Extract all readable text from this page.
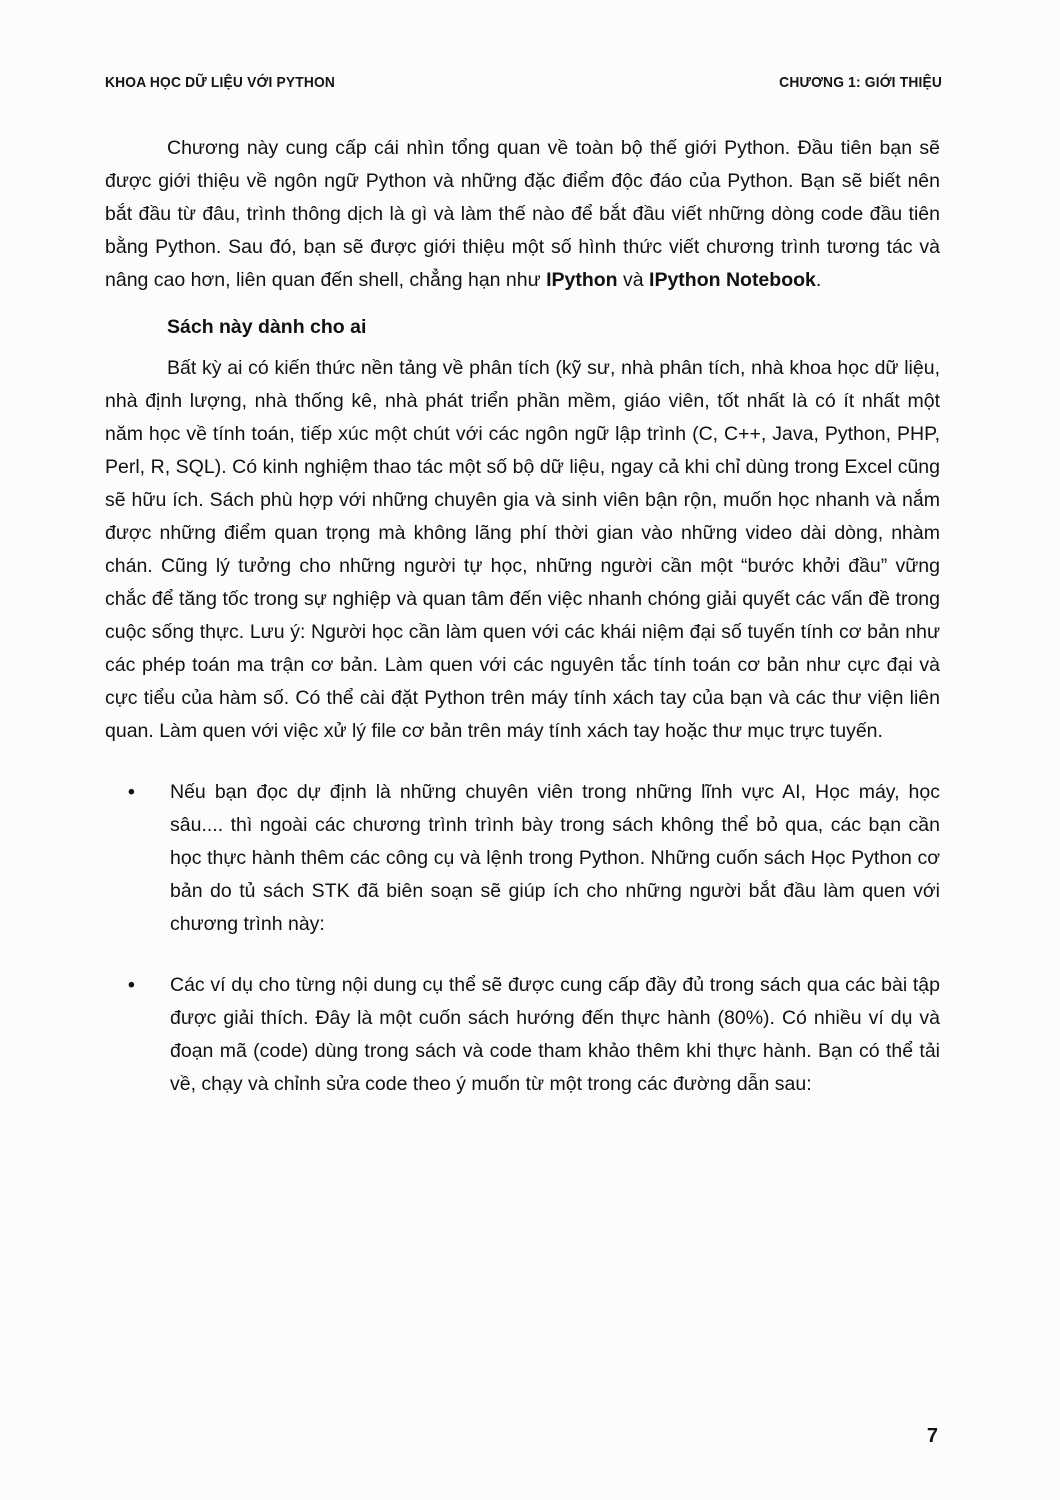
KHOA HỌC DỮ LIỆU VỚI PYTHON	CHƯƠNG 1: GIỚI THIỆU

Chương này cung cấp cái nhìn tổng quan về toàn bộ thế giới Python. Đầu tiên bạn sẽ được giới thiệu về ngôn ngữ Python và những đặc điểm độc đáo của Python. Bạn sẽ biết nên bắt đầu từ đâu, trình thông dịch là gì và làm thế nào để bắt đầu viết những dòng code đầu tiên bằng Python. Sau đó, bạn sẽ được giới thiệu một số hình thức viết chương trình tương tác và nâng cao hơn, liên quan đến shell, chẳng hạn như IPython và IPython Notebook.

Sách này dành cho ai

Bất kỳ ai có kiến thức nền tảng về phân tích (kỹ sư, nhà phân tích, nhà khoa học dữ liệu, nhà định lượng, nhà thống kê, nhà phát triển phần mềm, giáo viên, tốt nhất là có ít nhất một năm học về tính toán, tiếp xúc một chút với các ngôn ngữ lập trình (C, C++, Java, Python, PHP, Perl, R, SQL). Có kinh nghiệm thao tác một số bộ dữ liệu, ngay cả khi chỉ dùng trong Excel cũng sẽ hữu ích. Sách phù hợp với những chuyên gia và sinh viên bận rộn, muốn học nhanh và nắm được những điểm quan trọng mà không lãng phí thời gian vào những video dài dòng, nhàm chán. Cũng lý tưởng cho những người tự học, những người cần một “bước khởi đầu” vững chắc để tăng tốc trong sự nghiệp và quan tâm đến việc nhanh chóng giải quyết các vấn đề trong cuộc sống thực. Lưu ý: Người học cần làm quen với các khái niệm đại số tuyến tính cơ bản như các phép toán ma trận cơ bản. Làm quen với các nguyên tắc tính toán cơ bản như cực đại và cực tiểu của hàm số. Có thể cài đặt Python trên máy tính xách tay của bạn và các thư viện liên quan. Làm quen với việc xử lý file cơ bản trên máy tính xách tay hoặc thư mục trực tuyến.

• Nếu bạn đọc dự định là những chuyên viên trong những lĩnh vực AI, Học máy, học sâu.... thì ngoài các chương trình trình bày trong sách không thể bỏ qua, các bạn cần học thực hành thêm các công cụ và lệnh trong Python. Những cuốn sách Học Python cơ bản do tủ sách STK đã biên soạn sẽ giúp ích cho những người bắt đầu làm quen với chương trình này:
• Các ví dụ cho từng nội dung cụ thể sẽ được cung cấp đầy đủ trong sách qua các bài tập được giải thích. Đây là một cuốn sách hướng đến thực hành (80%). Có nhiều ví dụ và đoạn mã (code) dùng trong sách và code tham khảo thêm khi thực hành. Bạn có thể tải về, chạy và chỉnh sửa code theo ý muốn từ một trong các đường dẫn sau:
7
